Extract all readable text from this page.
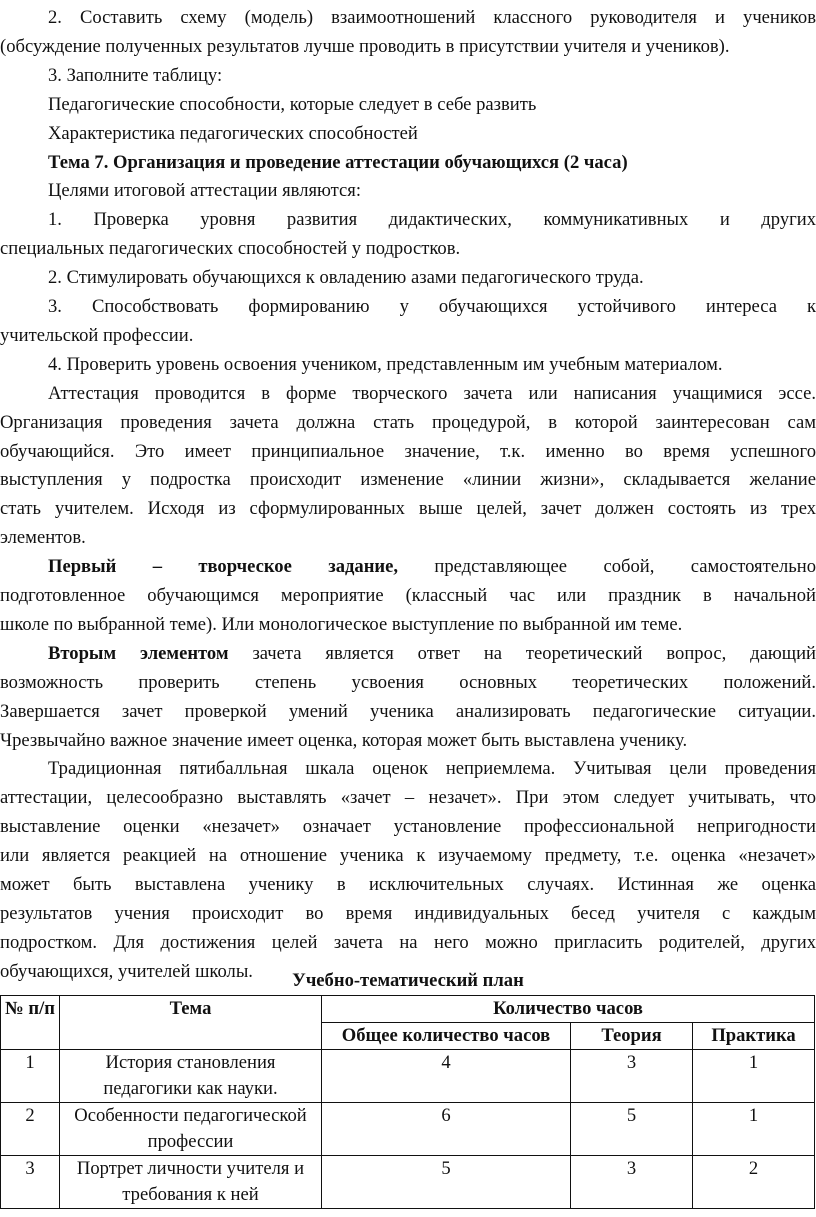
2. Составить схему (модель) взаимоотношений классного руководителя и учеников
(обсуждение полученных результатов лучше проводить в присутствии учителя и учеников).
3. Заполните таблицу:
Педагогические способности, которые следует в себе развить
Характеристика педагогических способностей
Тема 7. Организация и проведение аттестации обучающихся (2 часа)
Целями итоговой аттестации являются:
1. Проверка уровня развития дидактических, коммуникативных и других
специальных педагогических способностей у подростков.
2. Стимулировать обучающихся к овладению азами педагогического труда.
3. Способствовать формированию у обучающихся устойчивого интереса к
учительской профессии.
4. Проверить уровень освоения учеником, представленным им учебным материалом.
Аттестация проводится в форме творческого зачета или написания учащимися эссе.
Организация проведения зачета должна стать процедурой, в которой заинтересован сам
обучающийся. Это имеет принципиальное значение, т.к. именно во время успешного
выступления у подростка происходит изменение «линии жизни», складывается желание
стать учителем. Исходя из сформулированных выше целей, зачет должен состоять из трех
элементов.
Первый – творческое задание, представляющее собой, самостоятельно
подготовленное обучающимся мероприятие (классный час или праздник в начальной
школе по выбранной теме). Или монологическое выступление по выбранной им теме.
Вторым элементом зачета является ответ на теоретический вопрос, дающий
возможность проверить степень усвоения основных теоретических положений.
Завершается зачет проверкой умений ученика анализировать педагогические ситуации.
Чрезвычайно важное значение имеет оценка, которая может быть выставлена ученику.
Традиционная пятибалльная шкала оценок неприемлема. Учитывая цели проведения
аттестации, целесообразно выставлять «зачет – незачет». При этом следует учитывать, что
выставление оценки «незачет» означает установление профессиональной непригодности
или является реакцией на отношение ученика к изучаемому предмету, т.е. оценка «незачет»
может быть выставлена ученику в исключительных случаях. Истинная же оценка
результатов учения происходит во время индивидуальных бесед учителя с каждым
подростком. Для достижения целей зачета на него можно пригласить родителей, других
обучающихся, учителей школы.	Учебно-тематический план
№ п/п	Тема	Количество часов		
		Общее количество часов	Теория	Практика
1	История становления педагогики как науки.	4	3	1
2	Особенности педагогической профессии	6	5	1
3	Портрет личности учителя и требования к ней	5	3	2
